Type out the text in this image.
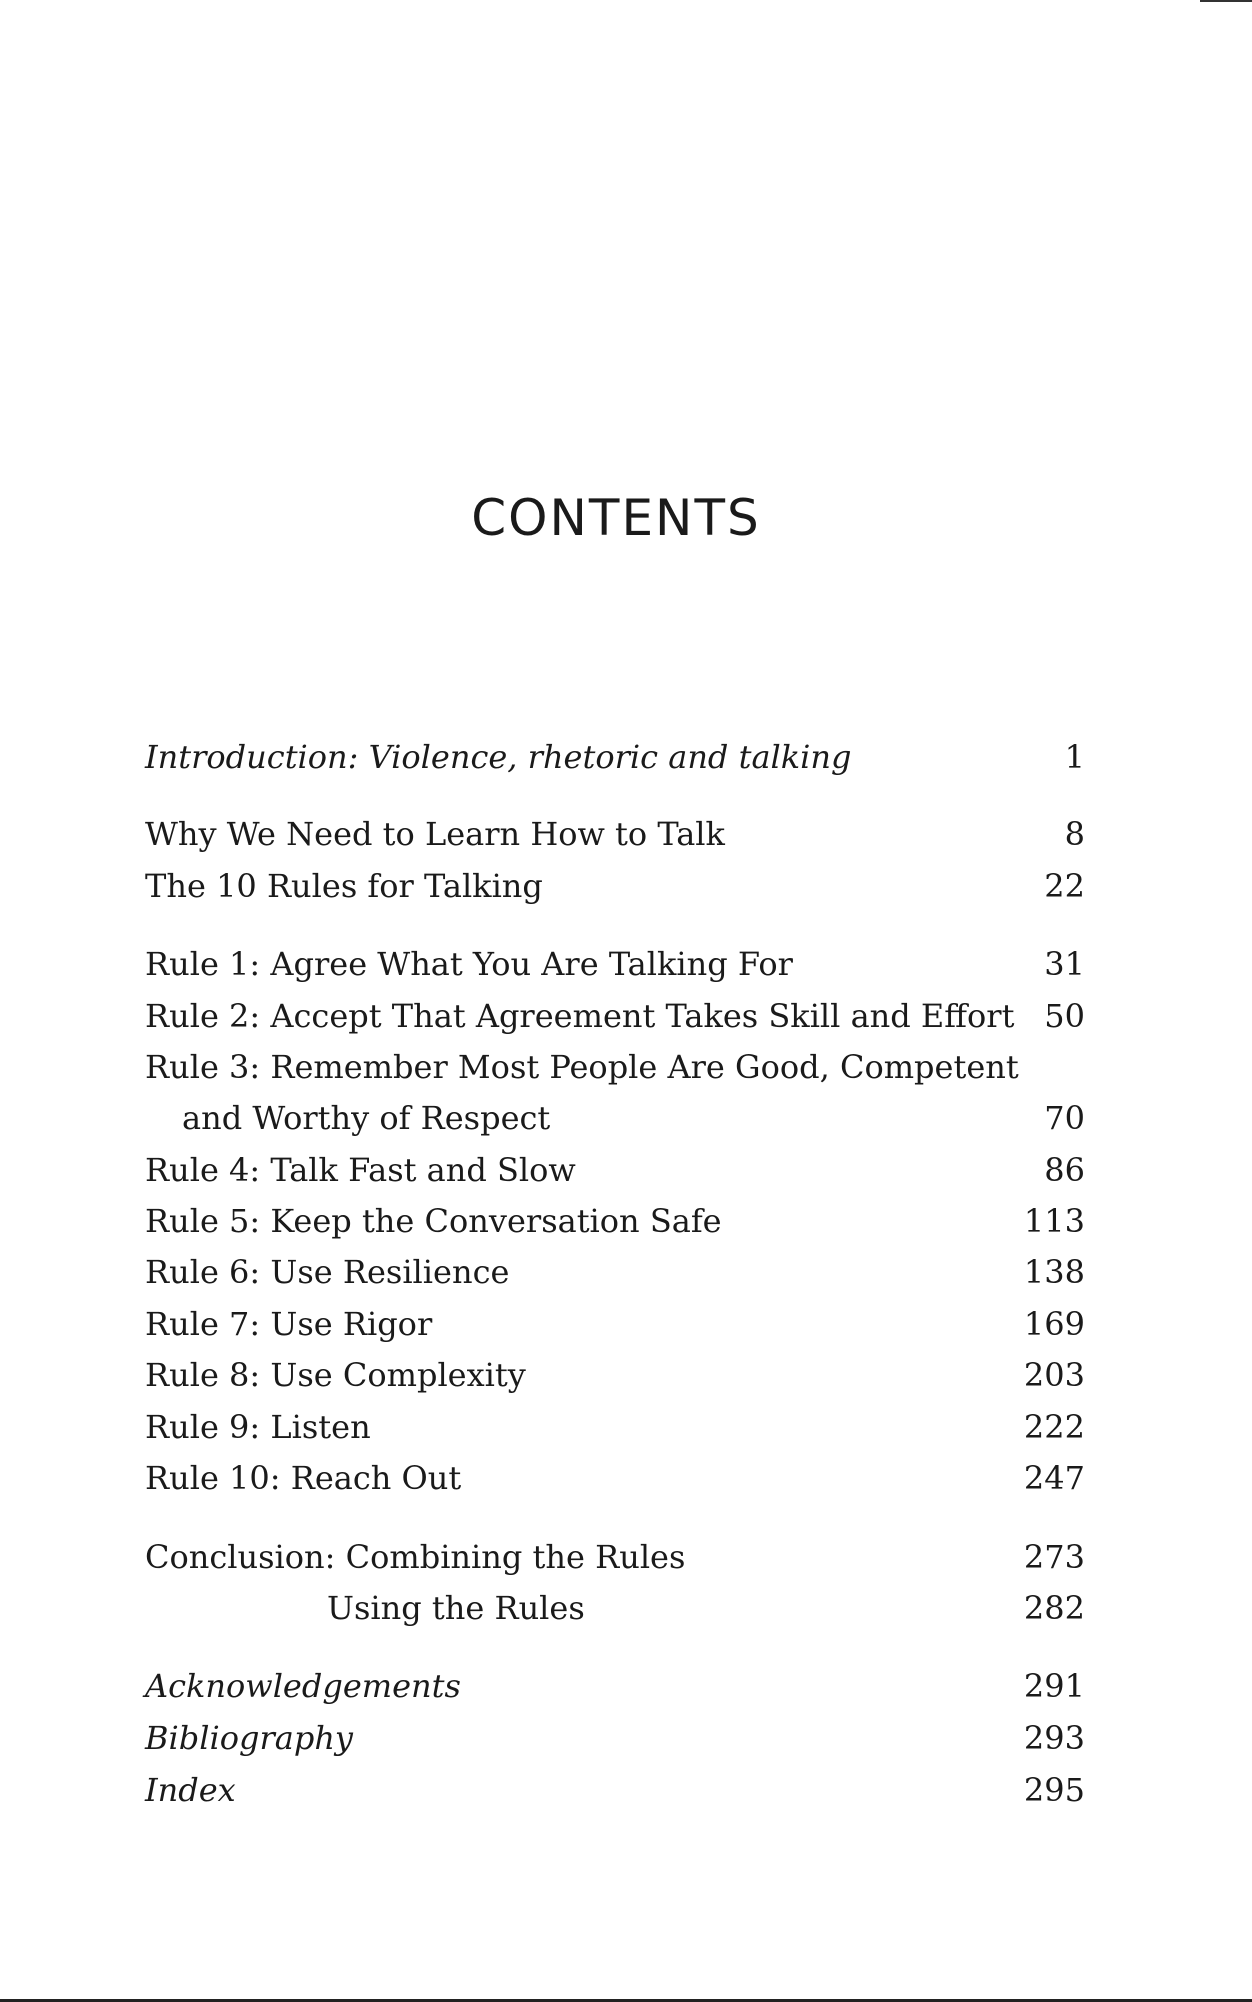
CONTENTS
Introduction: Violence, rhetoric and talking	1
Why We Need to Learn How to Talk	8
The 10 Rules for Talking	22
Rule 1: Agree What You Are Talking For	31
Rule 2: Accept That Agreement Takes Skill and Effort 50
Rule 3: Remember Most People Are Good, Competent
and Worthy of Respect	70
Rule 4: Talk Fast and Slow	86
Rule 5: Keep the Conversation Safe	113
Rule 6: Use Resilience	138
Rule 7: Use Rigor	169
Rule 8: Use Complexity	203
Rule 9: Listen	222
Rule 10: Reach Out	247
Conclusion: Combining the Rules	273
Using the Rules	282
Acknowledgements	291
Bibliography	293
Index	295
